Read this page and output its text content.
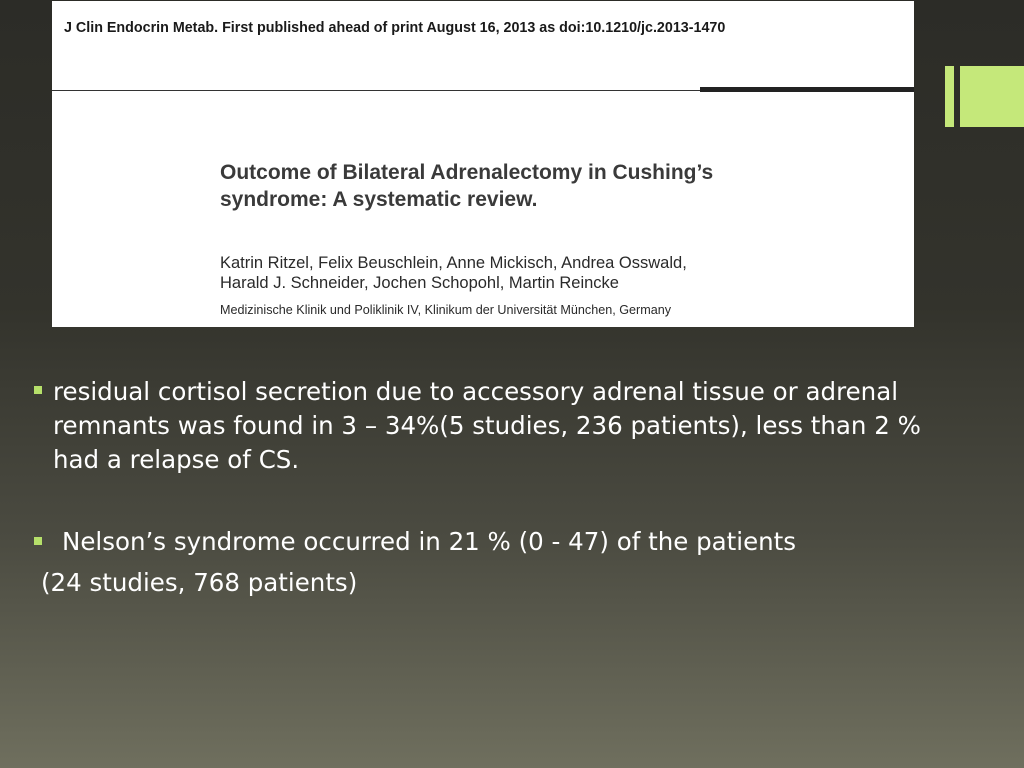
J Clin Endocrin Metab. First published ahead of print August 16, 2013 as doi:10.1210/jc.2013-1470
Outcome of Bilateral Adrenalectomy in Cushing’s
syndrome: A systematic review.
Katrin Ritzel, Felix Beuschlein, Anne Mickisch, Andrea Osswald,
Harald J. Schneider, Jochen Schopohl, Martin Reincke
Medizinische Klinik und Poliklinik IV, Klinikum der Universität München, Germany
residual cortisol secretion due to accessory adrenal tissue or adrenal remnants was found in 3 – 34%(5 studies, 236 patients), less than 2 % had a relapse of CS.
Nelson’s syndrome occurred in 21 % (0 - 47) of the patients
(24 studies, 768 patients)
